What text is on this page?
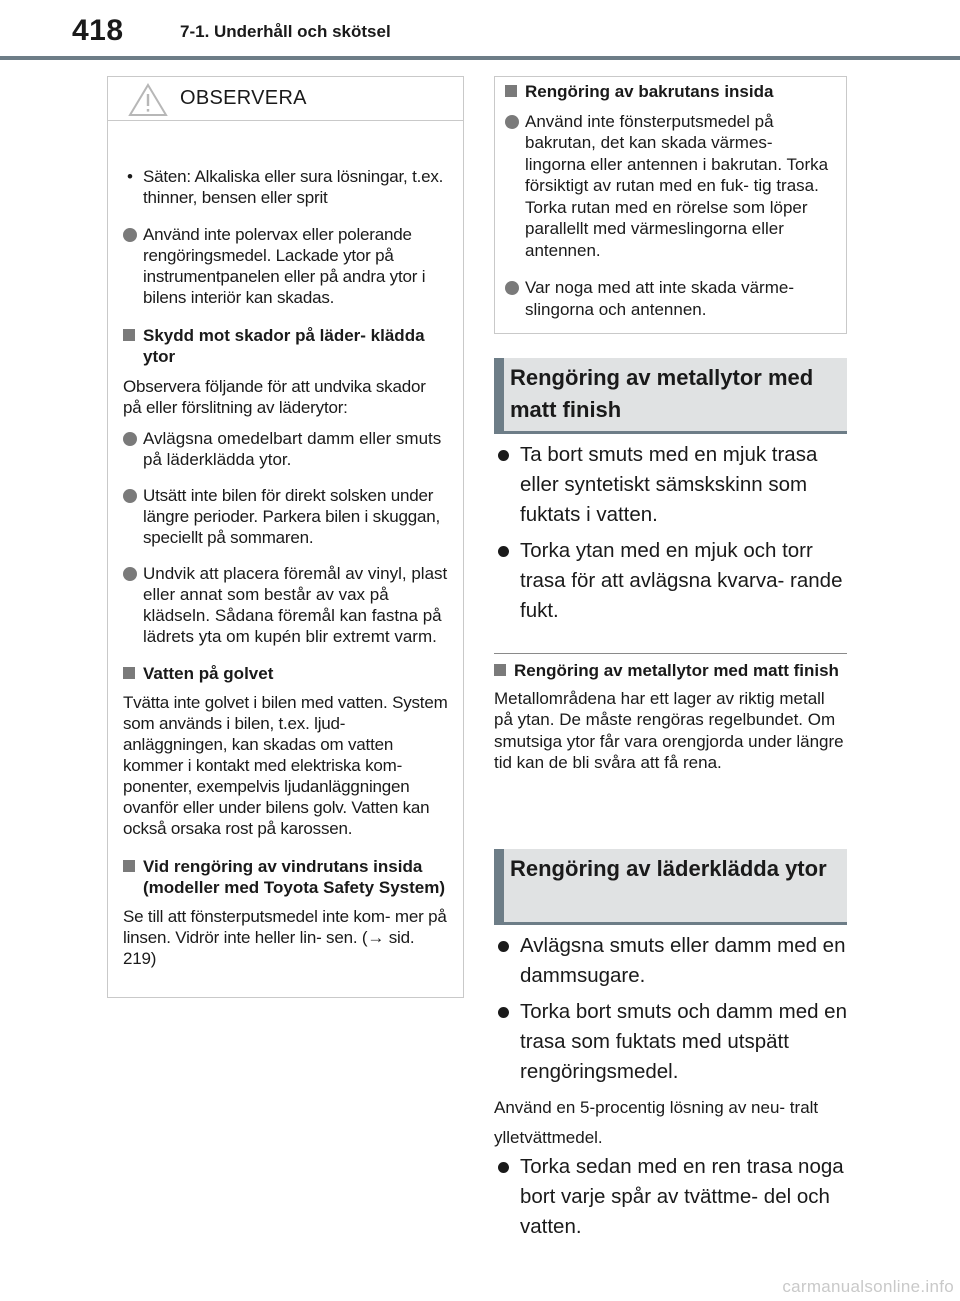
418	7-1. Underhåll och skötsel
OBSERVERA
• Säten: Alkaliska eller sura lösningar, t.ex. thinner, bensen eller sprit
Använd inte polervax eller polerande rengöringsmedel. Lackade ytor på instrumentpanelen eller på andra ytor i bilens interiör kan skadas.
Skydd mot skador på läder- klädda ytor
Observera följande för att undvika skador på eller förslitning av läderytor:
Avlägsna omedelbart damm eller smuts på läderklädda ytor.
Utsätt inte bilen för direkt solsken under längre perioder. Parkera bilen i skuggan, speciellt på sommaren.
Undvik att placera föremål av vinyl, plast eller annat som består av vax på klädseln. Sådana föremål kan fastna på lädrets yta om kupén blir extremt varm.
Vatten på golvet
Tvätta inte golvet i bilen med vatten. System som används i bilen, t.ex. ljud- anläggningen, kan skadas om vatten kommer i kontakt med elektriska kom- ponenter, exempelvis ljudanläggningen ovanför eller under bilens golv. Vatten kan också orsaka rost på karossen.
Vid rengöring av vindrutans insida (modeller med Toyota Safety System)
Se till att fönsterputsmedel inte kom- mer på linsen. Vidrör inte heller lin- sen. (→ sid. 219)
Rengöring av bakrutans insida
Använd inte fönsterputsmedel på bakrutan, det kan skada värmes- lingorna eller antennen i bakrutan. Torka försiktigt av rutan med en fuk- tig trasa. Torka rutan med en rörelse som löper parallellt med värmeslingorna eller antennen.
Var noga med att inte skada värme- slingorna och antennen.
Rengöring av metallytor med matt finish
Ta bort smuts med en mjuk trasa eller syntetiskt sämskskinn som fuktats i vatten.
Torka ytan med en mjuk och torr trasa för att avlägsna kvarva- rande fukt.
Rengöring av metallytor med matt finish
Metallområdena har ett lager av riktig metall på ytan. De måste rengöras regelbundet. Om smutsiga ytor får vara orengjorda under längre tid kan de bli svåra att få rena.
Rengöring av läderklädda ytor
Avlägsna smuts eller damm med en dammsugare.
Torka bort smuts och damm med en trasa som fuktats med utspätt rengöringsmedel.
Använd en 5-procentig lösning av neu- tralt ylletvättmedel.
Torka sedan med en ren trasa noga bort varje spår av tvättme- del och vatten.
carmanualsonline.info
